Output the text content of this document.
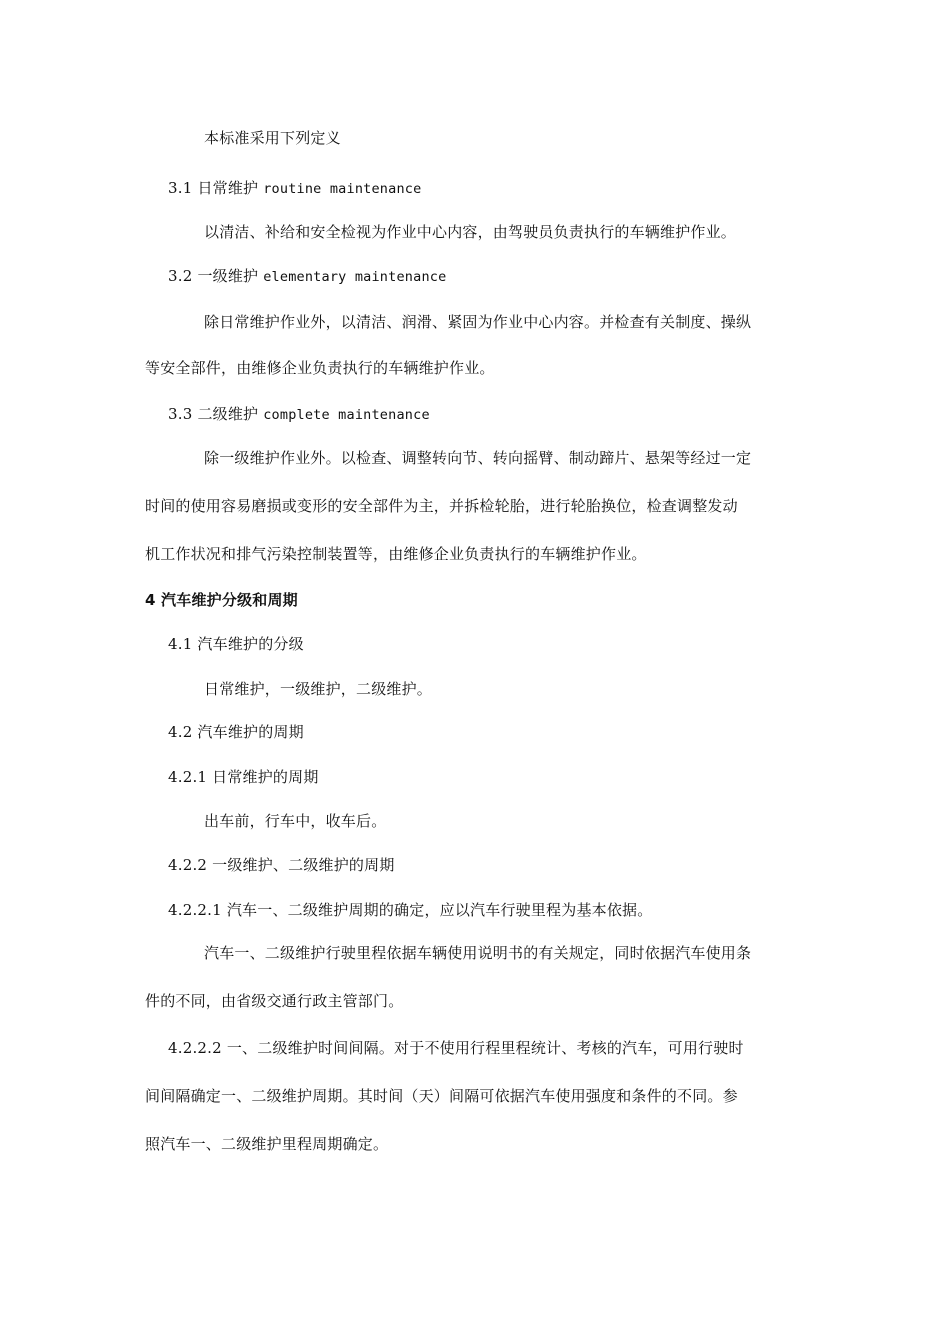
本标准采用下列定义
3.1 日常维护 routine maintenance
以清洁、补给和安全检视为作业中心内容，由驾驶员负责执行的车辆维护作业。
3.2 一级维护 elementary maintenance
除日常维护作业外，以清洁、润滑、紧固为作业中心内容。并检查有关制度、操纵
等安全部件，由维修企业负责执行的车辆维护作业。
3.3 二级维护 complete maintenance
除一级维护作业外。以检查、调整转向节、转向摇臂、制动蹄片、悬架等经过一定
时间的使用容易磨损或变形的安全部件为主，并拆检轮胎，进行轮胎换位，检查调整发动
机工作状况和排气污染控制装置等，由维修企业负责执行的车辆维护作业。
4 汽车维护分级和周期
4.1 汽车维护的分级
日常维护，一级维护，二级维护。
4.2 汽车维护的周期
4.2.1 日常维护的周期
出车前，行车中，收车后。
4.2.2 一级维护、二级维护的周期
4.2.2.1 汽车一、二级维护周期的确定，应以汽车行驶里程为基本依据。
汽车一、二级维护行驶里程依据车辆使用说明书的有关规定，同时依据汽车使用条
件的不同，由省级交通行政主管部门。
4.2.2.2 一、二级维护时间间隔。对于不使用行程里程统计、考核的汽车，可用行驶时
间间隔确定一、二级维护周期。其时间（天）间隔可依据汽车使用强度和条件的不同。参
照汽车一、二级维护里程周期确定。
